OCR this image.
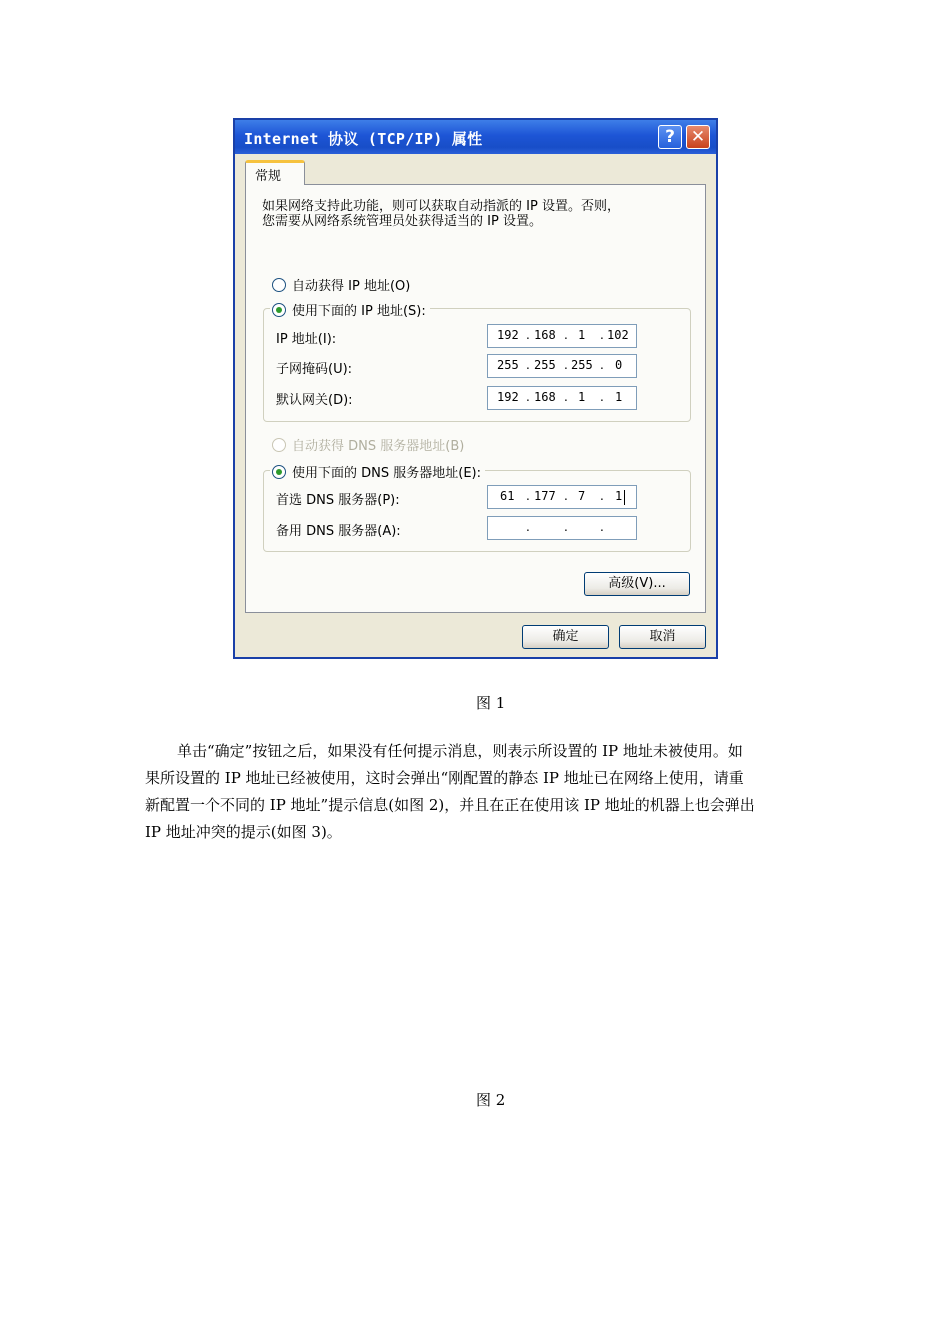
Internet 协议 (TCP/IP) 属性	? ✕
常规

如果网络支持此功能，则可以获取自动指派的 IP 设置。否则，

您需要从网络系统管理员处获得适当的 IP 设置。

自动获得 IP 地址(O)
使用下面的 IP 地址(S):
IP 地址(I):	192 . 168 . 1 . 102
子网掩码(U):	255 . 255 . 255 . 0
默认网关(D):	192 . 168 . 1 . 1
自动获得 DNS 服务器地址(B)
使用下面的 DNS 服务器地址(E):
首选 DNS 服务器(P):	61 . 177 . 7 . 1
备用 DNS 服务器(A):	.	.	.
高级(V)...
确定	取消
图 1

单击“确定”按钮之后，如果没有任何提示消息，则表示所设置的 IP 地址未被使用。如

果所设置的 IP 地址已经被使用，这时会弹出“刚配置的静态 IP 地址已在网络上使用，请重

新配置一个不同的 IP 地址”提示信息(如图 2)，并且在正在使用该 IP 地址的机器上也会弹出

IP 地址冲突的提示(如图 3)。

图 2
